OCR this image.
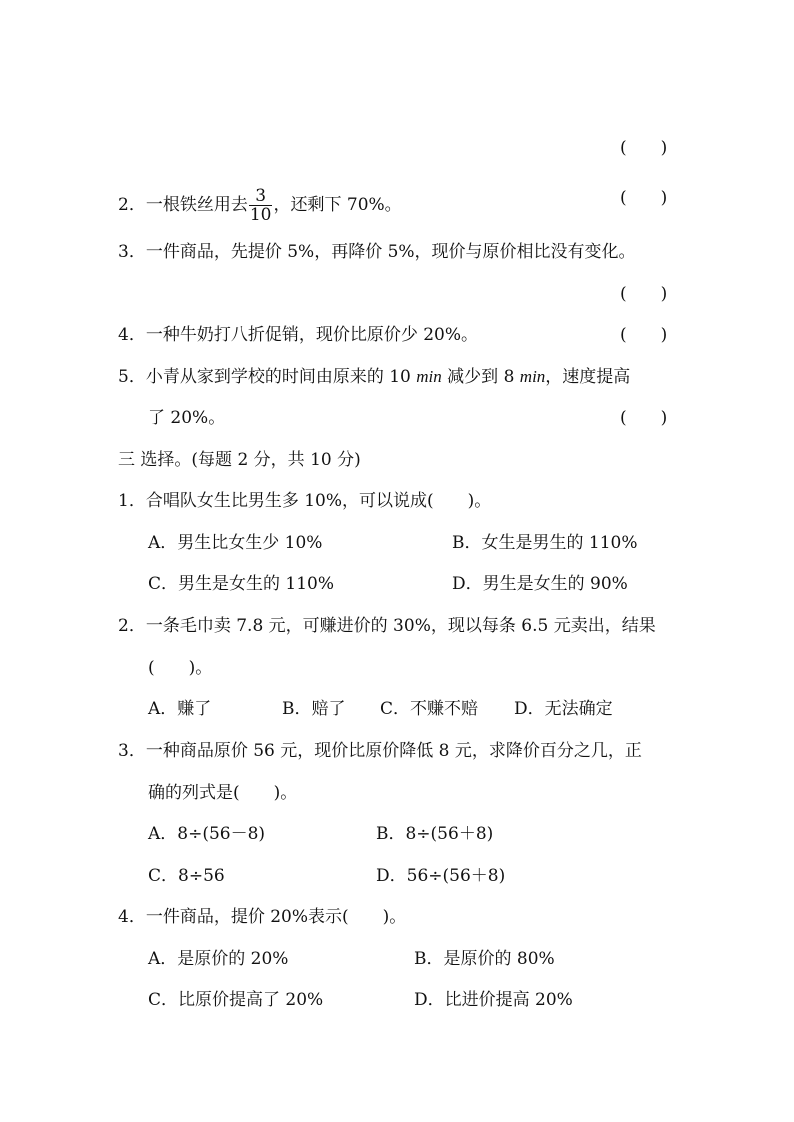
(　　)
2．一根铁丝用去 $\frac{3}{10}$ ，还剩下 70%。	(　　)
3．一件商品，先提价 5%，再降价 5%，现价与原价相比没有变化。
(　　)
4．一种牛奶打八折促销，现价比原价少 20%。	(　　)
5．小青从家到学校的时间由原来的 10 min 减少到 8 min，速度提高
了 20%。	(　　)
三 选择。(每题 2 分，共 10 分)
1．合唱队女生比男生多 10%，可以说成(　　)。
A．男生比女生少 10%	B．女生是男生的 110%
C．男生是女生的 110%	D．男生是女生的 90%
2．一条毛巾卖 7.8 元，可赚进价的 30%，现以每条 6.5 元卖出，结果
(　　)。
A．赚了	B．赔了 C．不赚不赔 D．无法确定
3．一种商品原价 56 元，现价比原价降低 8 元，求降价百分之几，正
确的列式是(　　)。
A．8÷(56－8)	B．8÷(56＋8)
C．8÷56	D．56÷(56＋8)
4．一件商品，提价 20%表示(　　)。
A．是原价的 20%	B．是原价的 80%
C．比原价提高了 20%	D．比进价提高 20%
